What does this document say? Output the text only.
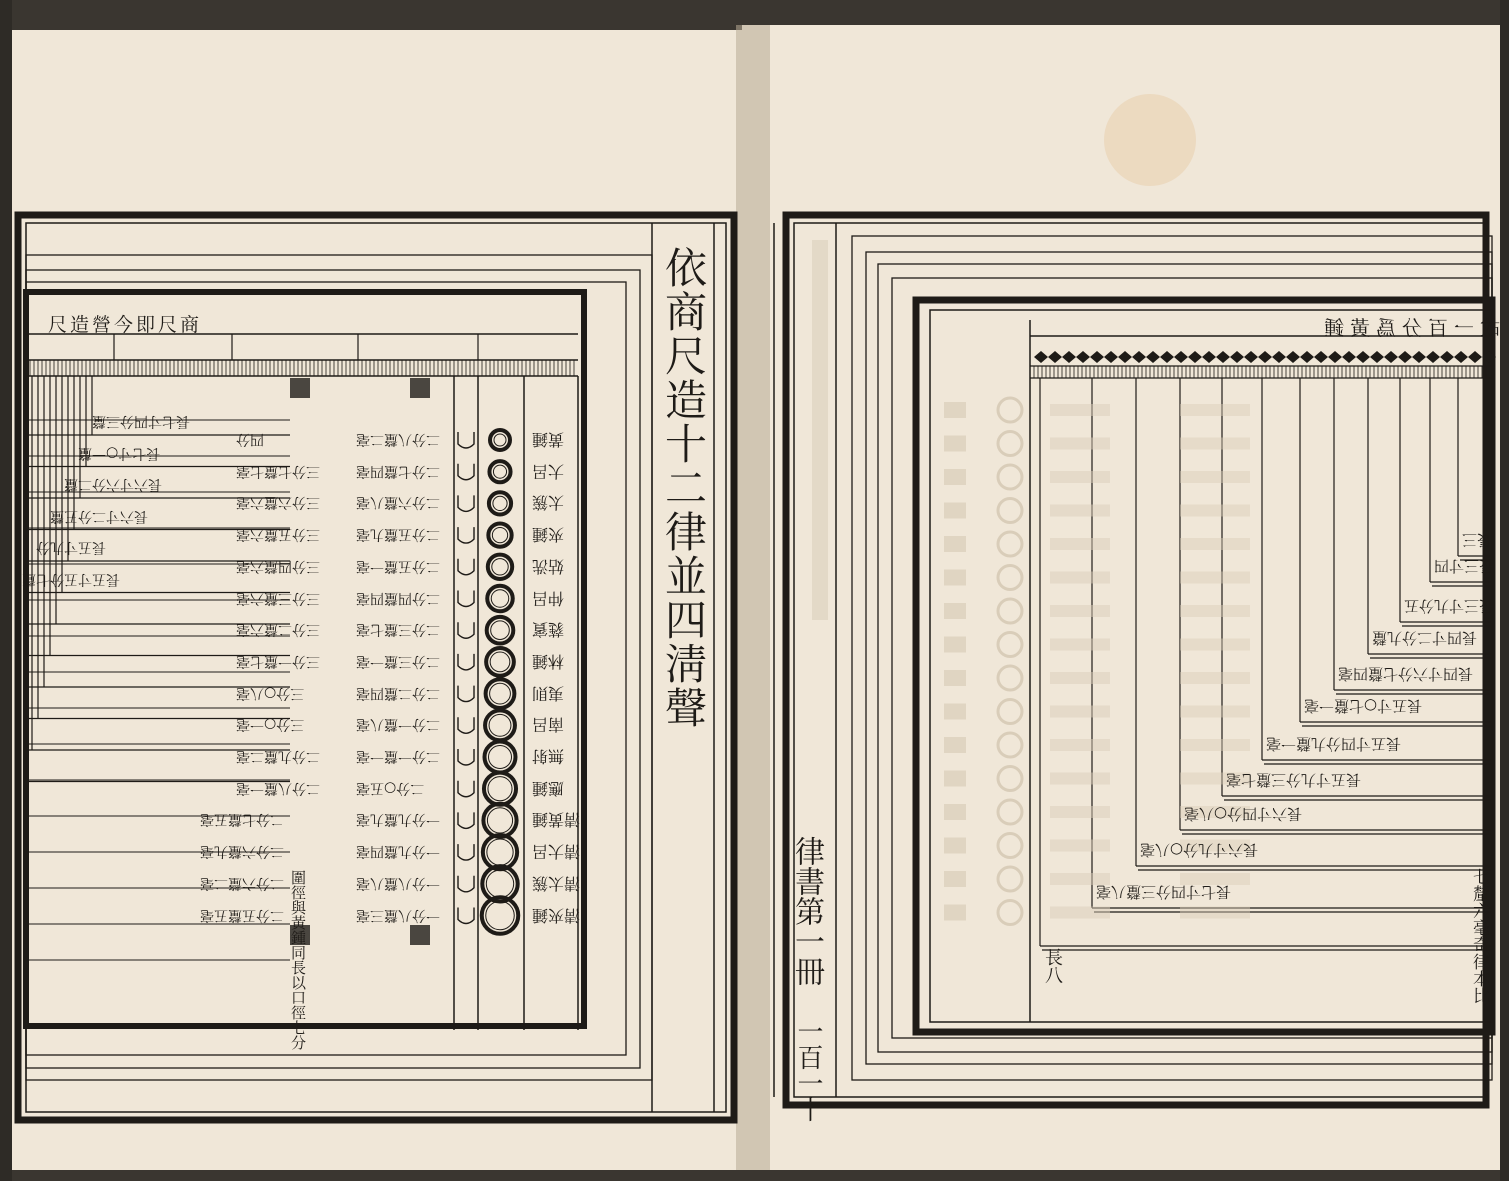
依商尺造十二律並四淸聲
律書第一冊
一百一十
故一百分爲黃鍾
七釐六毫奇律本比
長八
圍徑與黃鍾同長以口徑七分
商
尺
即
今
營
造
尺
黃鍾
大呂
太簇
夾鍾
姑洗
仲呂
蕤賓
林鍾
夷則
南呂
無射
應鍾
淸黃鍾
淸大呂
淸太簇
淸夾鍾
二分八釐二毫
四分
二分七釐四毫
三分七釐七毫
二分六釐八毫
三分六釐六毫
二分五釐九毫
三分五釐六毫
二分五釐一毫
三分四釐六毫
二分四釐四毫
三分三釐六毫
二分三釐七毫
三分二釐六毫
二分三釐一毫
三分一釐七毫
二分二釐四毫
三分○八毫
二分一釐八毫
三分○一毫
二分一釐一毫
二分九釐二毫
二分○五毫
二分八釐一毫
一分九釐九毫
二分七釐五毫
一分九釐四毫
二分六釐九毫
一分八釐八毫
二分六釐二毫
一分八釐三毫
二分五釐五毫
長七寸四分三釐
長七寸○一釐
長六寸六分二釐
長六寸二分五釐
長五寸九分
長五寸五分七釐
長三
長三寸四
長三寸九分五
長四寸二分九釐
長四寸六分七釐四毫
長五寸○七釐一毫
長五寸四分九釐一毫
長五寸九分三釐七毫
長六寸四分○八毫
長六寸九分○八毫
長七寸四分三釐八毫
